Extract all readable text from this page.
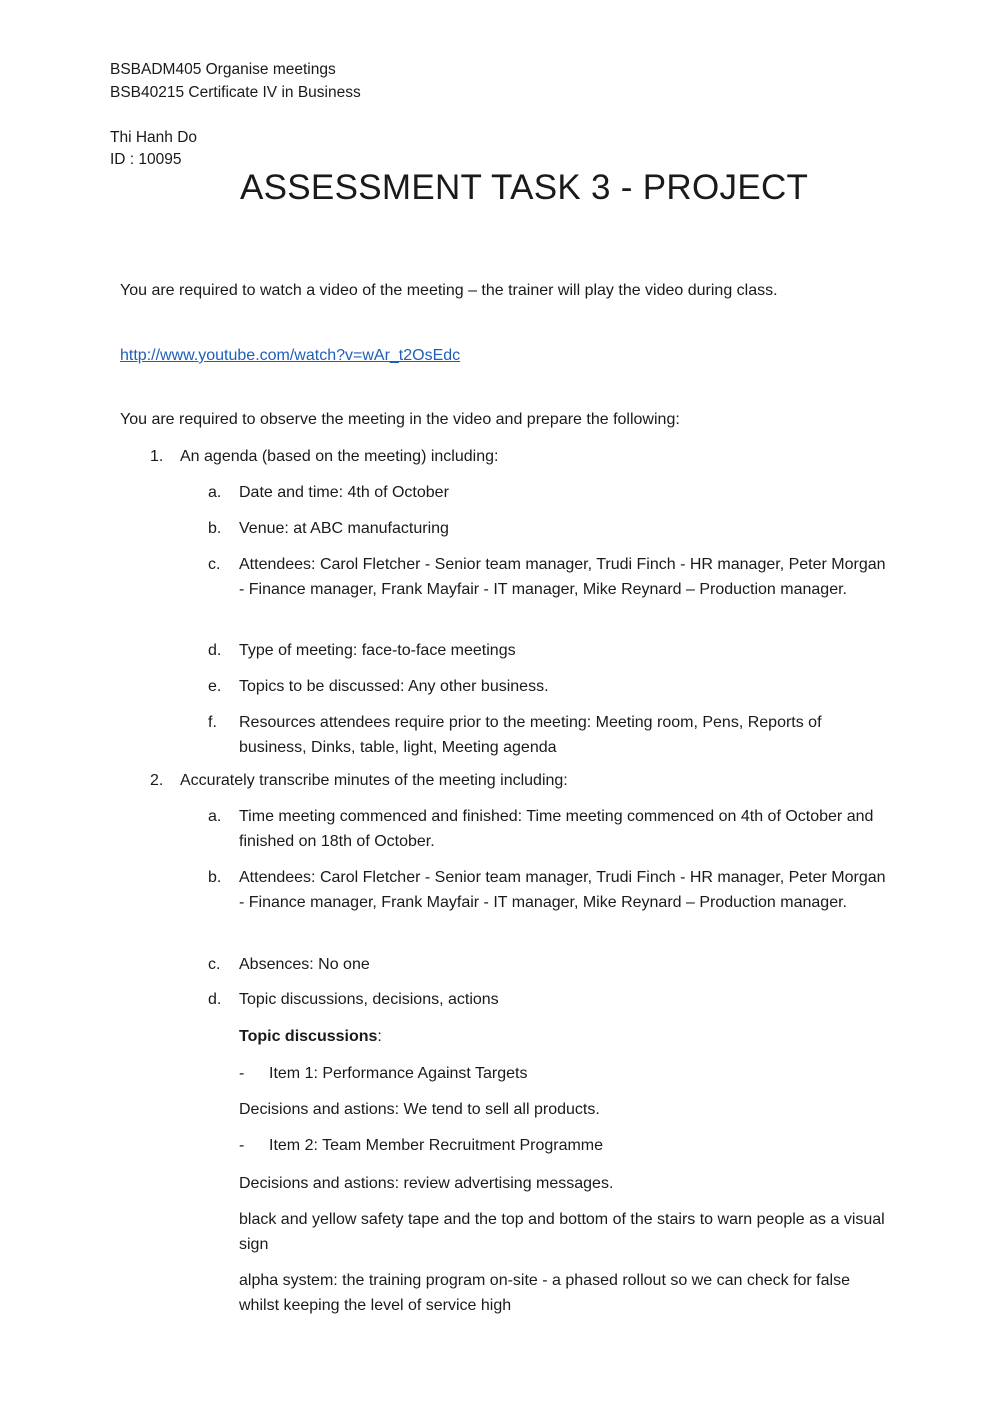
BSBADM405 Organise meetings
BSB40215 Certificate IV in Business
Thi Hanh Do
ID : 10095
ASSESSMENT TASK 3 - PROJECT
You are required to watch a video of the meeting – the trainer will play the video during class.
http://www.youtube.com/watch?v=wAr_t2OsEdc
You are required to observe the meeting in the video and prepare the following:
1. An agenda (based on the meeting) including:
a. Date and time: 4th of October
b. Venue: at ABC manufacturing
c. Attendees: Carol Fletcher - Senior team manager, Trudi Finch - HR manager, Peter Morgan - Finance manager, Frank Mayfair - IT manager, Mike Reynard – Production manager.
d. Type of meeting: face-to-face meetings
e. Topics to be discussed: Any other business.
f. Resources attendees require prior to the meeting: Meeting room, Pens, Reports of business, Dinks, table, light, Meeting agenda
2. Accurately transcribe minutes of the meeting including:
a. Time meeting commenced and finished: Time meeting commenced on 4th of October and finished on 18th of October.
b. Attendees: Carol Fletcher - Senior team manager, Trudi Finch - HR manager, Peter Morgan - Finance manager, Frank Mayfair - IT manager, Mike Reynard – Production manager.
c. Absences: No one
d. Topic discussions, decisions, actions
Topic discussions:
- Item 1: Performance Against Targets
Decisions and astions: We tend to sell all products.
- Item 2: Team Member Recruitment Programme
Decisions and astions: review advertising messages.
black and yellow safety tape and the top and bottom of the stairs to warn people as a visual sign
alpha system: the training program on-site - a phased rollout so we can check for false whilst keeping the level of service high
